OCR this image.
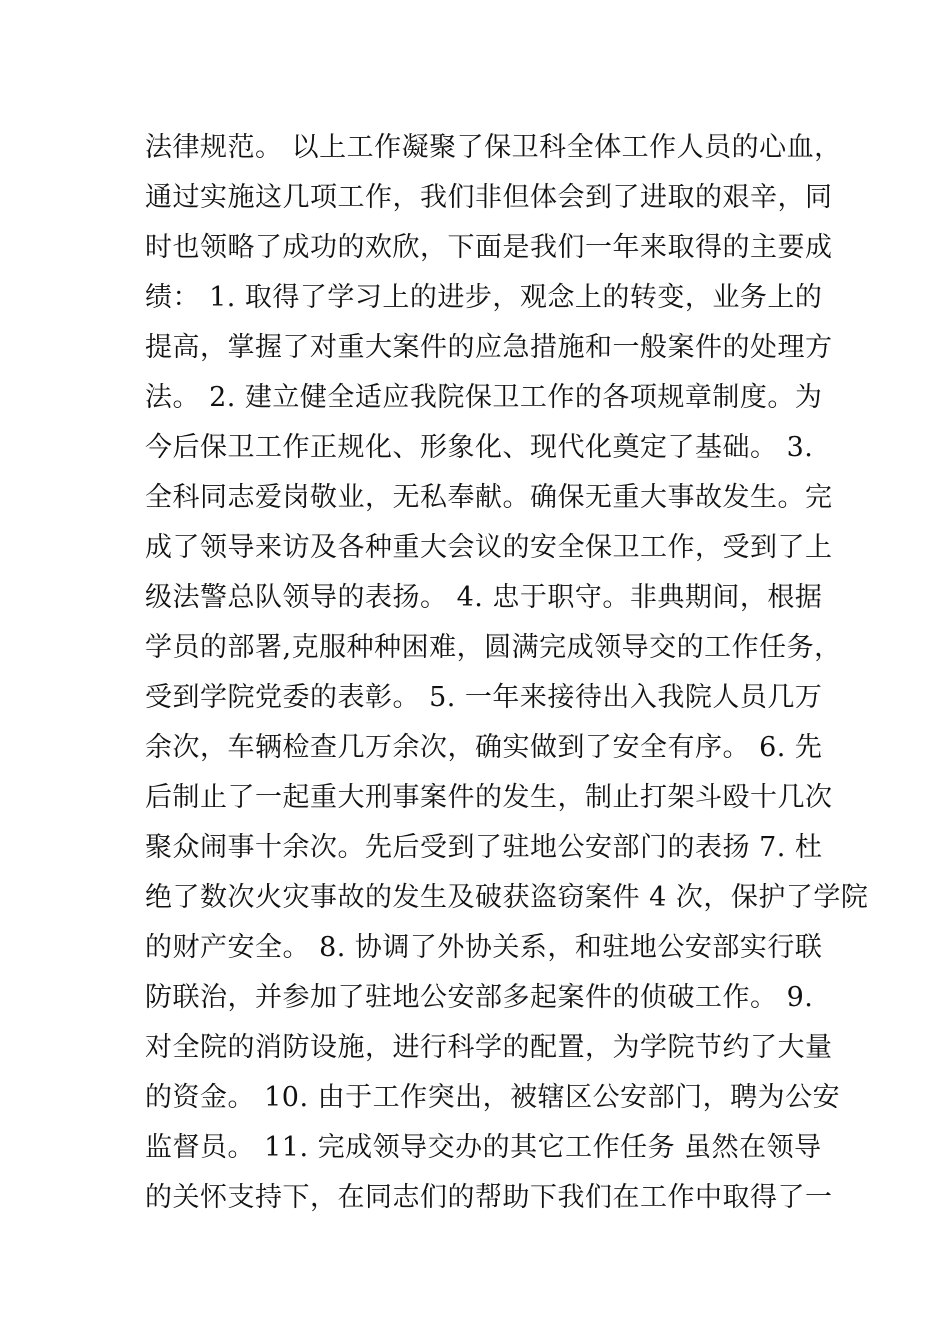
法律规范。 以上工作凝聚了保卫科全体工作人员的心血，
通过实施这几项工作，我们非但体会到了进取的艰辛，同
时也领略了成功的欢欣，下面是我们一年来取得的主要成
绩： 1. 取得了学习上的进步，观念上的转变，业务上的
提高，掌握了对重大案件的应急措施和一般案件的处理方
法。 2. 建立健全适应我院保卫工作的各项规章制度。为
今后保卫工作正规化、形象化、现代化奠定了基础。 3.
全科同志爱岗敬业，无私奉献。确保无重大事故发生。完
成了领导来访及各种重大会议的安全保卫工作，受到了上
级法警总队领导的表扬。 4. 忠于职守。非典期间，根据
学员的部署,克服种种困难，圆满完成领导交的工作任务，
受到学院党委的表彰。 5. 一年来接待出入我院人员几万
余次，车辆检查几万余次，确实做到了安全有序。 6. 先
后制止了一起重大刑事案件的发生，制止打架斗殴十几次
聚众闹事十余次。先后受到了驻地公安部门的表扬 7. 杜
绝了数次火灾事故的发生及破获盗窃案件 4 次，保护了学院
的财产安全。 8. 协调了外协关系，和驻地公安部实行联
防联治，并参加了驻地公安部多起案件的侦破工作。 9.
对全院的消防设施，进行科学的配置，为学院节约了大量
的资金。 10. 由于工作突出，被辖区公安部门，聘为公安
监督员。 11. 完成领导交办的其它工作任务 虽然在领导
的关怀支持下，在同志们的帮助下我们在工作中取得了一
